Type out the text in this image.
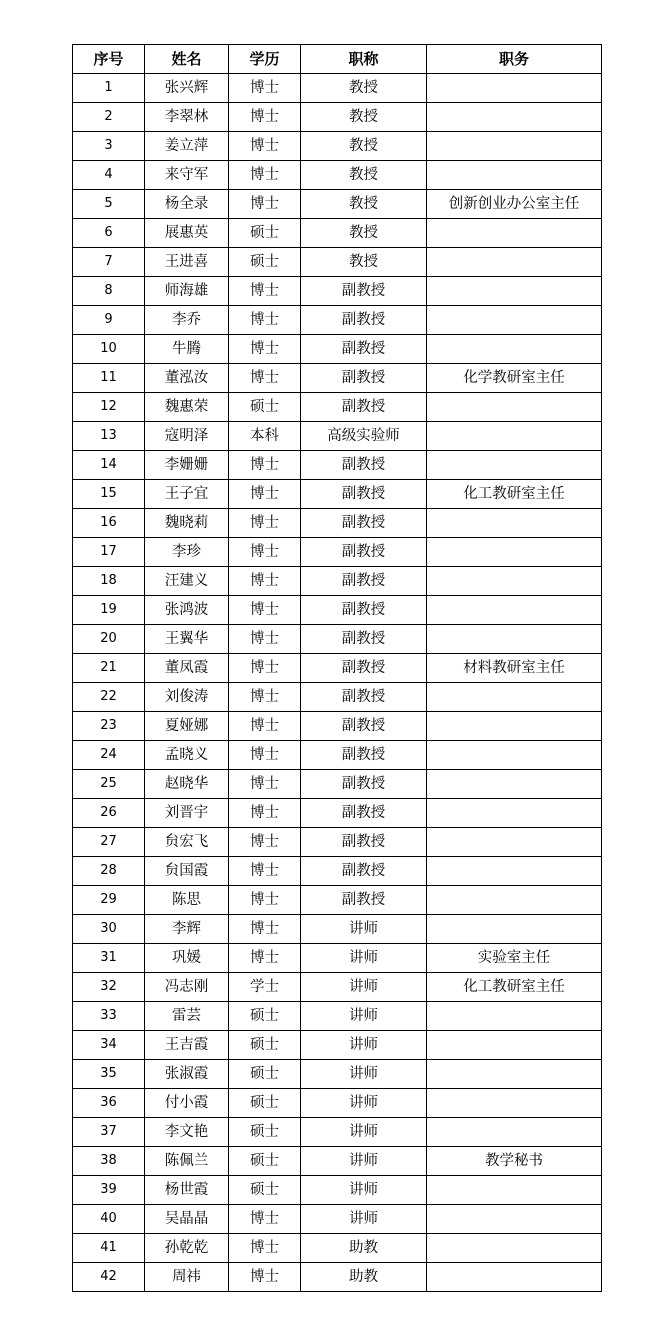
序号	姓名	学历	职称	职务
1	张兴辉	博士	教授	
2	李翠林	博士	教授	
3	姜立萍	博士	教授	
4	来守军	博士	教授	
5	杨全录	博士	教授	创新创业办公室主任
6	展惠英	硕士	教授	
7	王进喜	硕士	教授	
8	师海雄	博士	副教授	
9	李乔	博士	副教授	
10	牛腾	博士	副教授	
11	董泓汝	博士	副教授	化学教研室主任
12	魏惠荣	硕士	副教授	
13	寇明泽	本科	高级实验师	
14	李姗姗	博士	副教授	
15	王子宜	博士	副教授	化工教研室主任
16	魏晓莉	博士	副教授	
17	李珍	博士	副教授	
18	汪建义	博士	副教授	
19	张鸿波	博士	副教授	
20	王翼华	博士	副教授	
21	董凤霞	博士	副教授	材料教研室主任
22	刘俊涛	博士	副教授	
23	夏娅娜	博士	副教授	
24	孟晓义	博士	副教授	
25	赵晓华	博士	副教授	
26	刘晋宇	博士	副教授	
27	贠宏飞	博士	副教授	
28	贠国霞	博士	副教授	
29	陈思	博士	副教授	
30	李辉	博士	讲师	
31	巩媛	博士	讲师	实验室主任
32	冯志刚	学士	讲师	化工教研室主任
33	雷芸	硕士	讲师	
34	王吉霞	硕士	讲师	
35	张淑霞	硕士	讲师	
36	付小霞	硕士	讲师	
37	李文艳	硕士	讲师	
38	陈佩兰	硕士	讲师	教学秘书
39	杨世霞	硕士	讲师	
40	吴晶晶	博士	讲师	
41	孙乾乾	博士	助教	
42	周祎	博士	助教	
